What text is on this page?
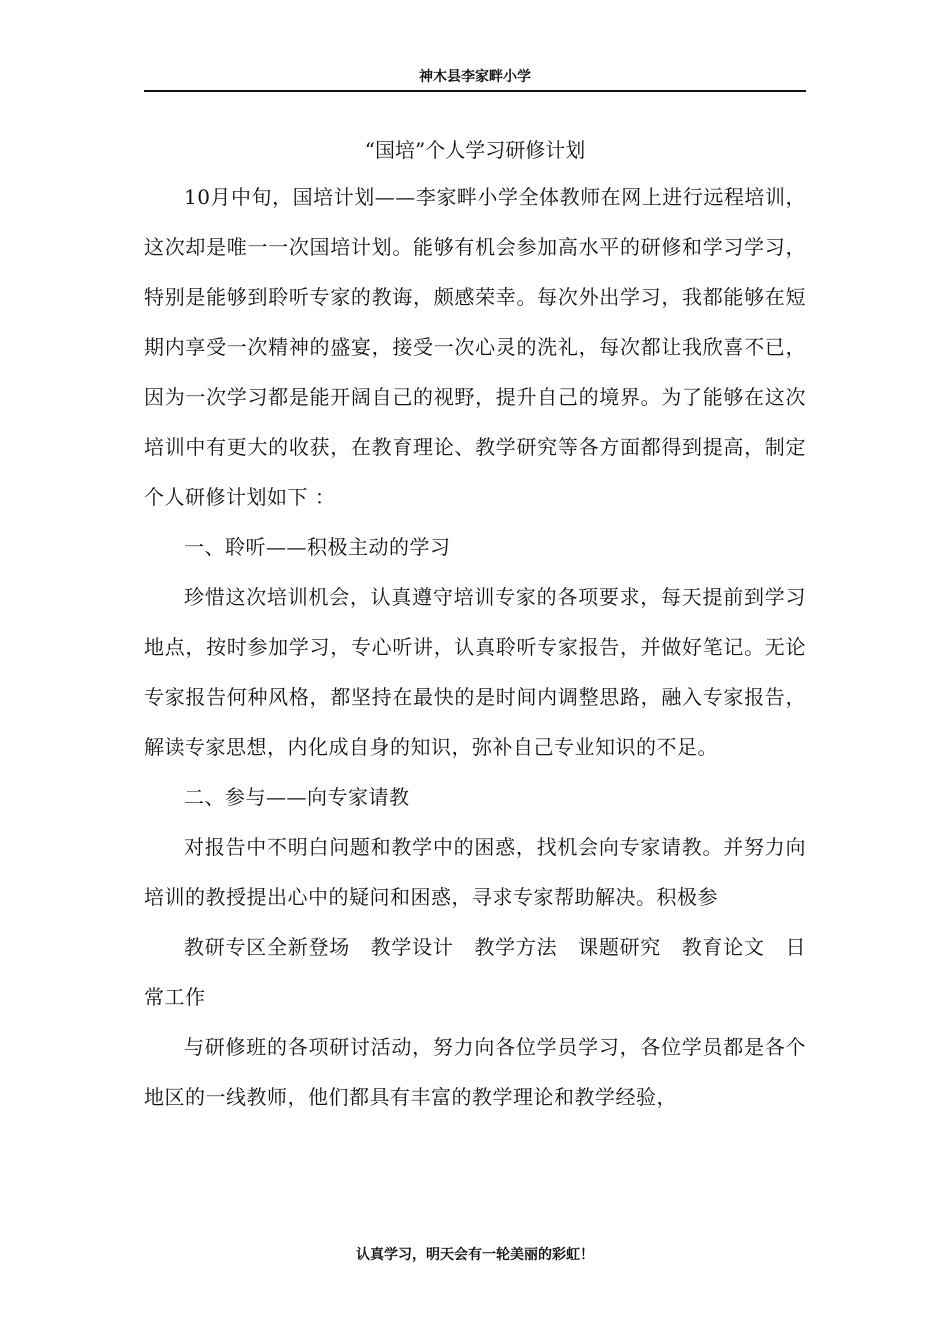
神木县李家畔小学
“国培”个人学习研修计划

10月中旬，国培计划——李家畔小学全体教师在网上进行远程培训，这次却是唯一一次国培计划。能够有机会参加高水平的研修和学习学习，特别是能够到聆听专家的教诲，颇感荣幸。每次外出学习，我都能够在短期内享受一次精神的盛宴，接受一次心灵的洗礼，每次都让我欣喜不已，因为一次学习都是能开阔自己的视野，提升自己的境界。为了能够在这次培训中有更大的收获，在教育理论、教学研究等各方面都得到提高，制定个人研修计划如下 ：

一、聆听——积极主动的学习

珍惜这次培训机会，认真遵守培训专家的各项要求，每天提前到学习地点，按时参加学习，专心听讲，认真聆听专家报告，并做好笔记。无论专家报告何种风格，都坚持在最快的是时间内调整思路，融入专家报告，解读专家思想，内化成自身的知识，弥补自己专业知识的不足。

二、参与——向专家请教

对报告中不明白问题和教学中的困惑，找机会向专家请教。并努力向培训的教授提出心中的疑问和困惑，寻求专家帮助解决。积极参

教研专区全新登场　教学设计　教学方法　课题研究　教育论文　日常工作

与研修班的各项研讨活动，努力向各位学员学习，各位学员都是各个地区的一线教师，他们都具有丰富的教学理论和教学经验，

认真学习，明天会有一轮美丽的彩虹！
